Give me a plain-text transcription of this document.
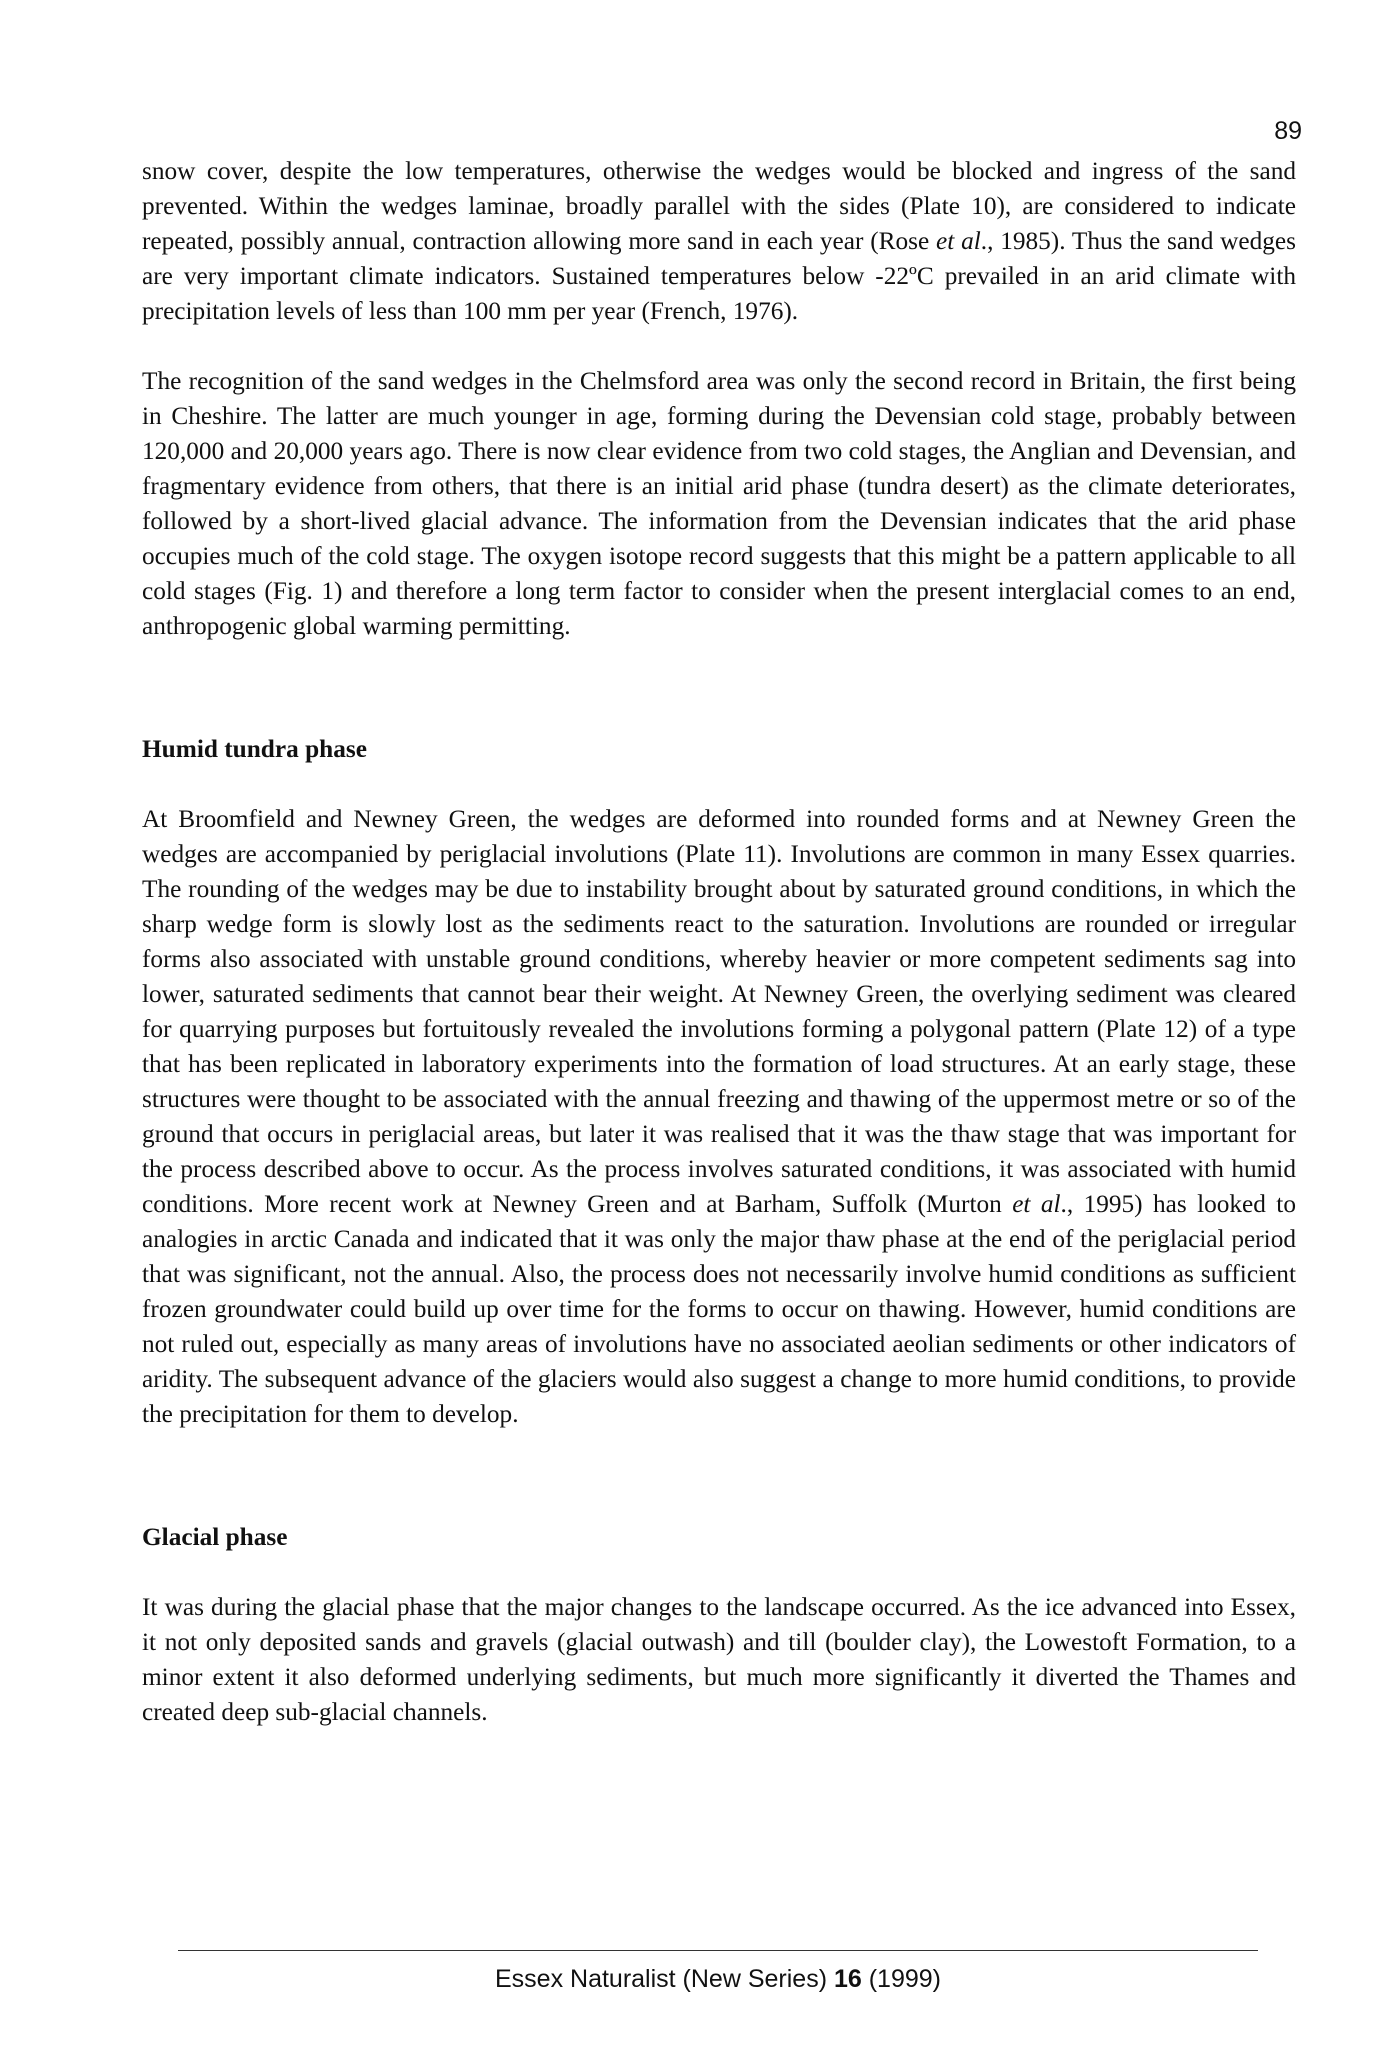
89

snow cover, despite the low temperatures, otherwise the wedges would be blocked and ingress of the sand prevented. Within the wedges laminae, broadly parallel with the sides (Plate 10), are considered to indicate repeated, possibly annual, contraction allowing more sand in each year (Rose et al., 1985). Thus the sand wedges are very important climate indicators. Sustained temperatures below -22ºC prevailed in an arid climate with precipitation levels of less than 100 mm per year (French, 1976).

The recognition of the sand wedges in the Chelmsford area was only the second record in Britain, the first being in Cheshire. The latter are much younger in age, forming during the Devensian cold stage, probably between 120,000 and 20,000 years ago. There is now clear evidence from two cold stages, the Anglian and Devensian, and fragmentary evidence from others, that there is an initial arid phase (tundra desert) as the climate deteriorates, followed by a short-lived glacial advance. The information from the Devensian indicates that the arid phase occupies much of the cold stage. The oxygen isotope record suggests that this might be a pattern applicable to all cold stages (Fig. 1) and therefore a long term factor to consider when the present interglacial comes to an end, anthropogenic global warming permitting.

Humid tundra phase

At Broomfield and Newney Green, the wedges are deformed into rounded forms and at Newney Green the wedges are accompanied by periglacial involutions (Plate 11). Involutions are common in many Essex quarries. The rounding of the wedges may be due to instability brought about by saturated ground conditions, in which the sharp wedge form is slowly lost as the sediments react to the saturation. Involutions are rounded or irregular forms also associated with unstable ground conditions, whereby heavier or more competent sediments sag into lower, saturated sediments that cannot bear their weight. At Newney Green, the overlying sediment was cleared for quarrying purposes but fortuitously revealed the involutions forming a polygonal pattern (Plate 12) of a type that has been replicated in laboratory experiments into the formation of load structures. At an early stage, these structures were thought to be associated with the annual freezing and thawing of the uppermost metre or so of the ground that occurs in periglacial areas, but later it was realised that it was the thaw stage that was important for the process described above to occur. As the process involves saturated conditions, it was associated with humid conditions. More recent work at Newney Green and at Barham, Suffolk (Murton et al., 1995) has looked to analogies in arctic Canada and indicated that it was only the major thaw phase at the end of the periglacial period that was significant, not the annual. Also, the process does not necessarily involve humid conditions as sufficient frozen groundwater could build up over time for the forms to occur on thawing. However, humid conditions are not ruled out, especially as many areas of involutions have no associated aeolian sediments or other indicators of aridity. The subsequent advance of the glaciers would also suggest a change to more humid conditions, to provide the precipitation for them to develop.

Glacial phase

It was during the glacial phase that the major changes to the landscape occurred. As the ice advanced into Essex, it not only deposited sands and gravels (glacial outwash) and till (boulder clay), the Lowestoft Formation, to a minor extent it also deformed underlying sediments, but much more significantly it diverted the Thames and created deep sub-glacial channels.

Essex Naturalist (New Series) 16 (1999)
